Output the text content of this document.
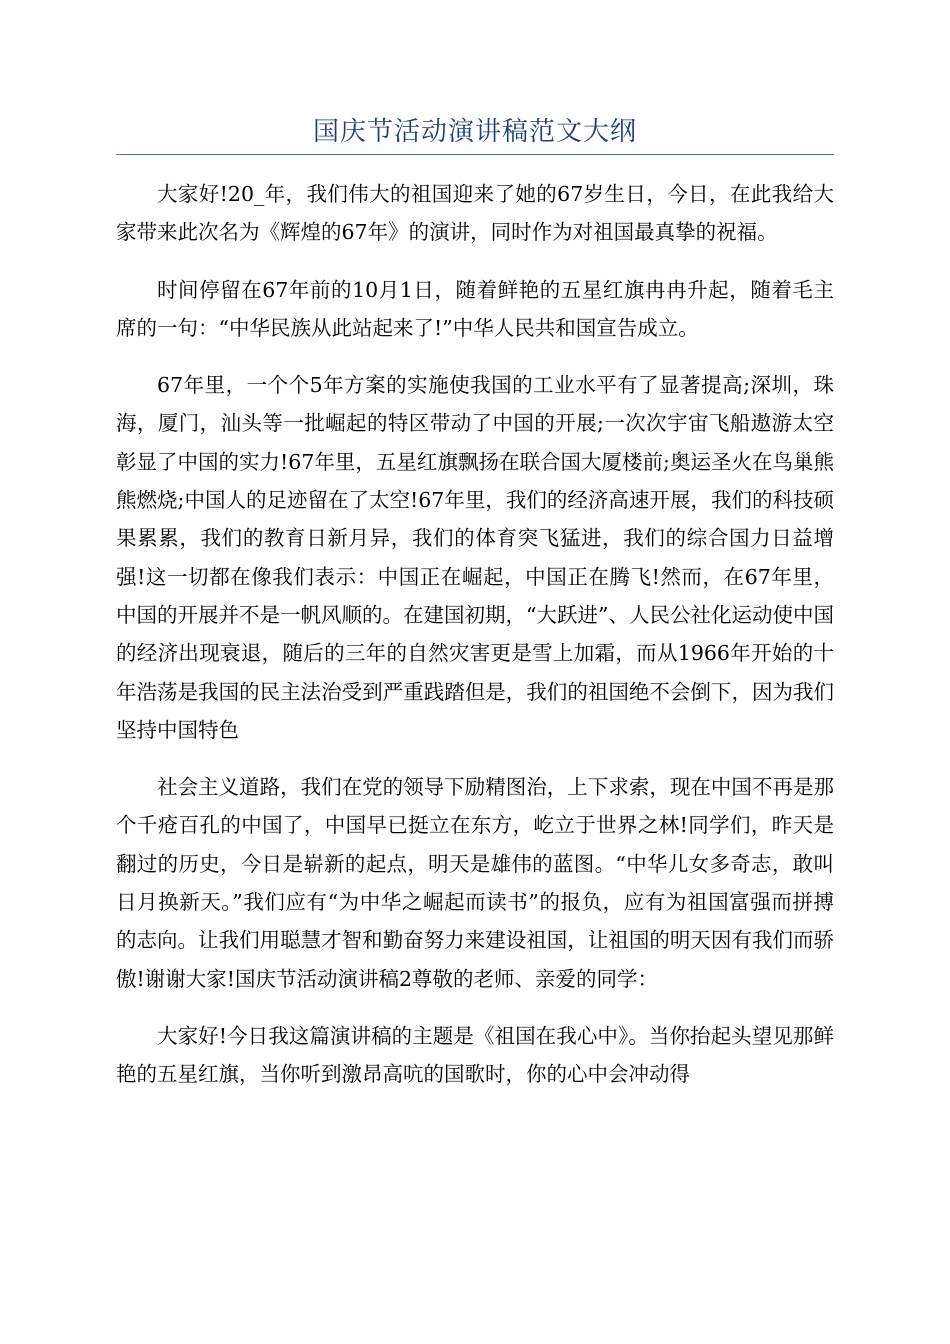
国庆节活动演讲稿范文大纲

大家好!20_年，我们伟大的祖国迎来了她的67岁生日，今日，在此我给大家带来此次名为《辉煌的67年》的演讲，同时作为对祖国最真挚的祝福。

时间停留在67年前的10月1日，随着鲜艳的五星红旗冉冉升起，随着毛主席的一句：“中华民族从此站起来了!”中华人民共和国宣告成立。

67年里，一个个5年方案的实施使我国的工业水平有了显著提高;深圳，珠海，厦门，汕头等一批崛起的特区带动了中国的开展;一次次宇宙飞船遨游太空彰显了中国的实力!67年里，五星红旗飘扬在联合国大厦楼前;奥运圣火在鸟巢熊熊燃烧;中国人的足迹留在了太空!67年里，我们的经济高速开展，我们的科技硕果累累，我们的教育日新月异，我们的体育突飞猛进，我们的综合国力日益增强!这一切都在像我们表示：中国正在崛起，中国正在腾飞!然而，在67年里，中国的开展并不是一帆风顺的。在建国初期，“大跃进”、人民公社化运动使中国的经济出现衰退，随后的三年的自然灾害更是雪上加霜，而从1966年开始的十年浩荡是我国的民主法治受到严重践踏但是，我们的祖国绝不会倒下，因为我们坚持中国特色

社会主义道路，我们在党的领导下励精图治，上下求索，现在中国不再是那个千疮百孔的中国了，中国早已挺立在东方，屹立于世界之林!同学们，昨天是翻过的历史，今日是崭新的起点，明天是雄伟的蓝图。“中华儿女多奇志，敢叫日月换新天。”我们应有“为中华之崛起而读书”的报负，应有为祖国富强而拼搏的志向。让我们用聪慧才智和勤奋努力来建设祖国，让祖国的明天因有我们而骄傲!谢谢大家!国庆节活动演讲稿2尊敬的老师、亲爱的同学：

大家好!今日我这篇演讲稿的主题是《祖国在我心中》。当你抬起头望见那鲜艳的五星红旗，当你听到激昂高吭的国歌时，你的心中会冲动得
